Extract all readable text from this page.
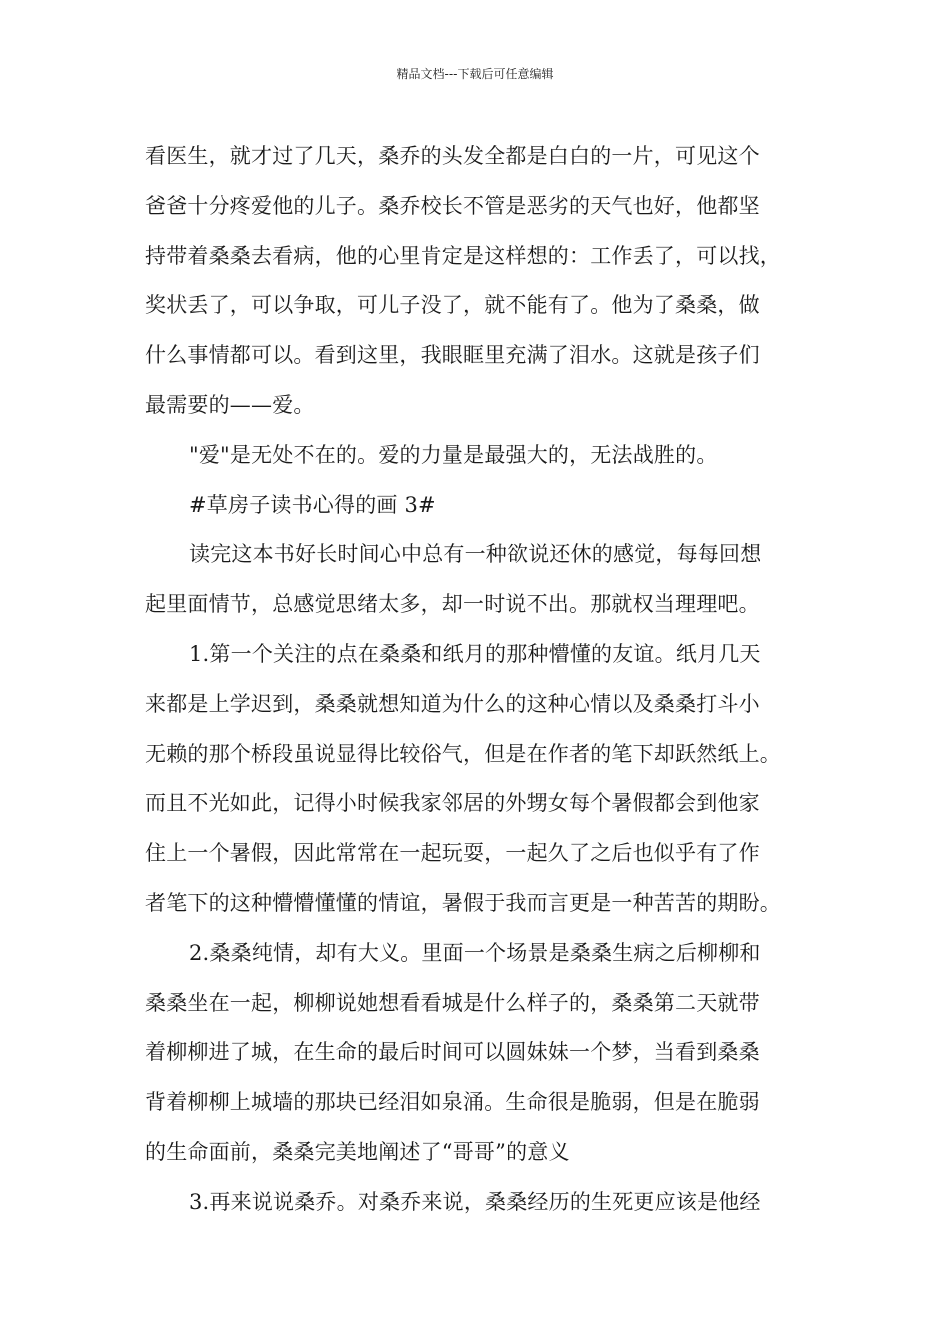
精品文档---下载后可任意编辑

看医生，就才过了几天，桑乔的头发全都是白白的一片，可见这个
爸爸十分疼爱他的儿子。桑乔校长不管是恶劣的天气也好，他都坚
持带着桑桑去看病，他的心里肯定是这样想的：工作丢了，可以找，
奖状丢了，可以争取，可儿子没了，就不能有了。他为了桑桑，做
什么事情都可以。看到这里，我眼眶里充满了泪水。这就是孩子们
最需要的——爱。

"爱"是无处不在的。爱的力量是最强大的，无法战胜的。

#草房子读书心得的画 3#

读完这本书好长时间心中总有一种欲说还休的感觉，每每回想
起里面情节，总感觉思绪太多，却一时说不出。那就权当理理吧。

1.第一个关注的点在桑桑和纸月的那种懵懂的友谊。纸月几天
来都是上学迟到，桑桑就想知道为什么的这种心情以及桑桑打斗小
无赖的那个桥段虽说显得比较俗气，但是在作者的笔下却跃然纸上。
而且不光如此，记得小时候我家邻居的外甥女每个暑假都会到他家
住上一个暑假，因此常常在一起玩耍，一起久了之后也似乎有了作
者笔下的这种懵懵懂懂的情谊，暑假于我而言更是一种苦苦的期盼。

2.桑桑纯情，却有大义。里面一个场景是桑桑生病之后柳柳和
桑桑坐在一起，柳柳说她想看看城是什么样子的，桑桑第二天就带
着柳柳进了城，在生命的最后时间可以圆妹妹一个梦，当看到桑桑
背着柳柳上城墙的那块已经泪如泉涌。生命很是脆弱，但是在脆弱
的生命面前，桑桑完美地阐述了“哥哥”的意义

3.再来说说桑乔。对桑乔来说，桑桑经历的生死更应该是他经
